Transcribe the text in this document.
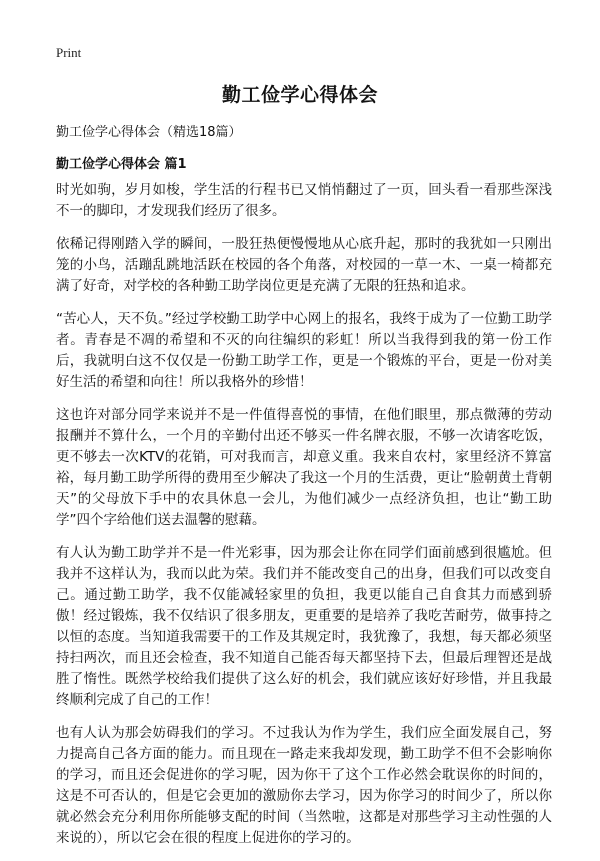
Print
勤工俭学心得体会

勤工俭学心得体会（精选18篇）

勤工俭学心得体会 篇1

时光如驹，岁月如梭，学生活的行程书已又悄悄翻过了一页，回头看一看那些深浅不一的脚印，才发现我们经历了很多。

依稀记得刚踏入学的瞬间，一股狂热便慢慢地从心底升起，那时的我犹如一只刚出笼的小鸟，活蹦乱跳地活跃在校园的各个角落，对校园的一草一木、一桌一椅都充满了好奇，对学校的各种勤工助学岗位更是充满了无限的狂热和追求。

“苦心人，天不负。”经过学校勤工助学中心网上的报名，我终于成为了一位勤工助学者。青春是不凋的希望和不灭的向往编织的彩虹！所以当我得到我的第一份工作后，我就明白这不仅仅是一份勤工助学工作，更是一个锻炼的平台，更是一份对美好生活的希望和向往！所以我格外的珍惜！

这也许对部分同学来说并不是一件值得喜悦的事情，在他们眼里，那点微薄的劳动报酬并不算什么，一个月的辛勤付出还不够买一件名牌衣服，不够一次请客吃饭，更不够去一次KTV的花销，可对我而言，却意义重。我来自农村，家里经济不算富裕，每月勤工助学所得的费用至少解决了我这一个月的生活费，更让“脸朝黄土背朝天”的父母放下手中的农具休息一会儿，为他们减少一点经济负担，也让“勤工助学”四个字给他们送去温馨的慰藉。

有人认为勤工助学并不是一件光彩事，因为那会让你在同学们面前感到很尴尬。但我并不这样认为，我而以此为荣。我们并不能改变自己的出身，但我们可以改变自己。通过勤工助学，我不仅能减轻家里的负担，我更以能自己自食其力而感到骄傲！经过锻炼，我不仅结识了很多朋友，更重要的是培养了我吃苦耐劳，做事持之以恒的态度。当知道我需要干的工作及其规定时，我犹豫了，我想，每天都必须坚持扫两次，而且还会检查，我不知道自己能否每天都坚持下去，但最后理智还是战胜了惰性。既然学校给我们提供了这么好的机会，我们就应该好好珍惜，并且我最终顺利完成了自己的工作！

也有人认为那会妨碍我们的学习。不过我认为作为学生，我们应全面发展自己，努力提高自己各方面的能力。而且现在一路走来我却发现，勤工助学不但不会影响你的学习，而且还会促进你的学习呢，因为你干了这个工作必然会耽误你的时间的，这是不可否认的，但是它会更加的激励你去学习，因为你学习的时间少了，所以你就必然会充分利用你所能够支配的时间（当然啦，这都是对那些学习主动性强的人来说的），所以它会在很的程度上促进你的学习的。
